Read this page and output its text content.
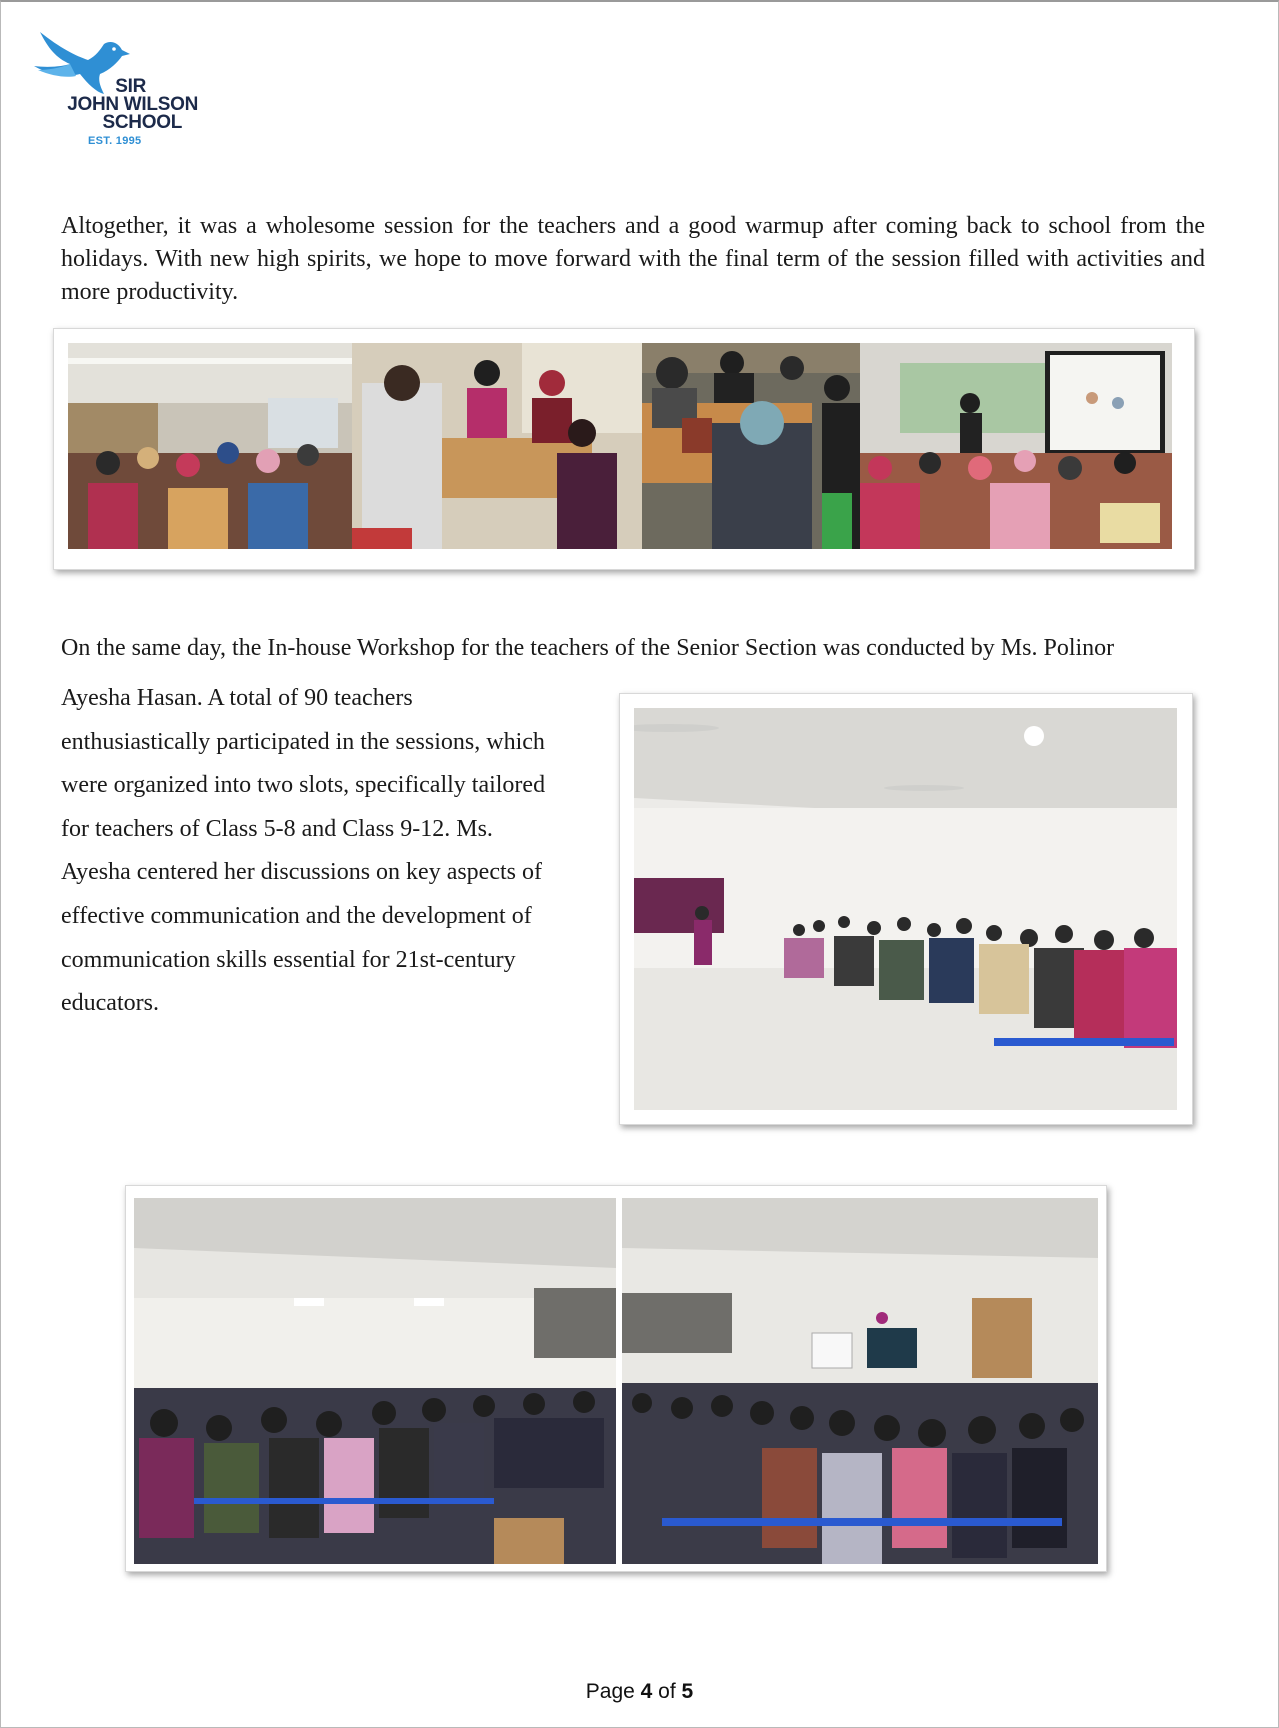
SIR
JOHN WILSON
SCHOOL
EST. 1995

Altogether, it was a wholesome session for the teachers and a good warmup after coming back to school from the holidays. With new high spirits, we hope to move forward with the final term of the session filled with activities and more productivity.

On the same day, the In-house Workshop for the teachers of the Senior Section was conducted by Ms. Polinor
Ayesha Hasan. A total of 90 teachers
enthusiastically participated in the sessions, which
were organized into two slots, specifically tailored
for teachers of Class 5-8 and Class 9-12. Ms.
Ayesha centered her discussions on key aspects of
effective communication and the development of
communication skills essential for 21st-century
educators.
Page 4 of 5
